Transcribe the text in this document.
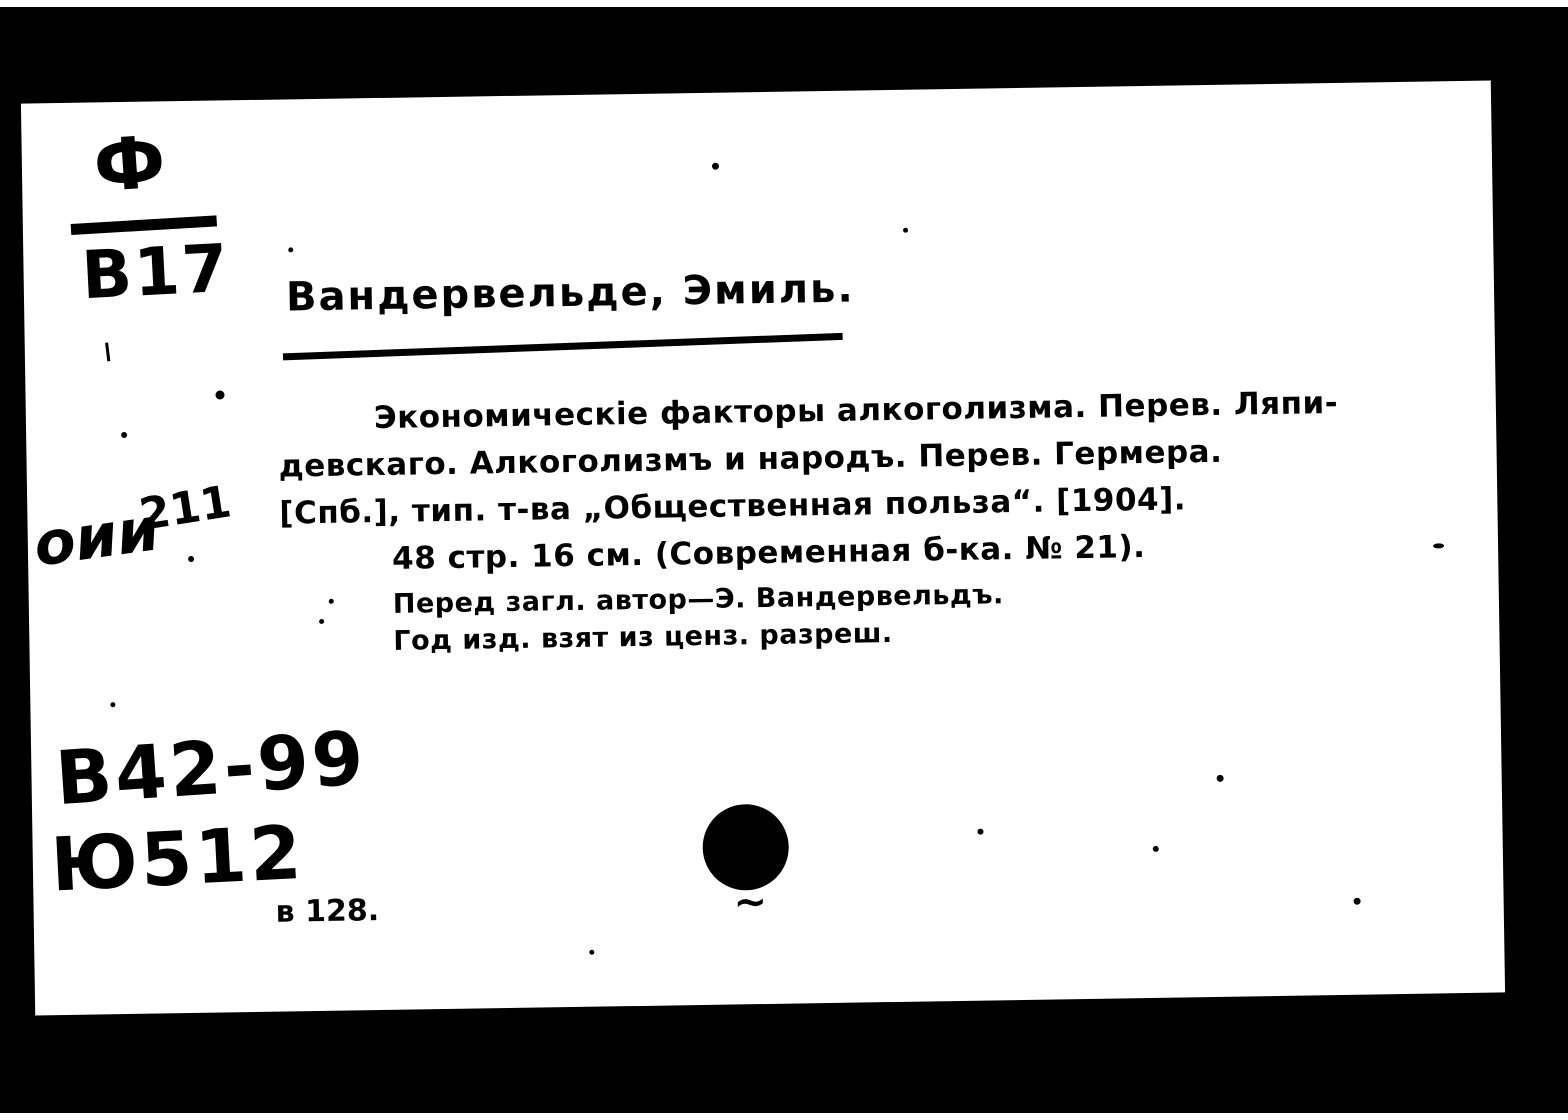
Ф
В17
ı
оии
211
В42-99
Ю512
Вандервельде, Эмиль.
Экономическіе факторы алкоголизма. Перев. Ляпи-
девскаго. Алкоголизмъ и народъ. Перев. Гермера.
[Спб.], тип. т-ва „Общественная польза“. [1904].
48 стр. 16 см. (Современная б-ка. № 21).
Перед загл. автор—Э. Вандервельдъ.
Год изд. взят из ценз. разреш.
в 128.	~
